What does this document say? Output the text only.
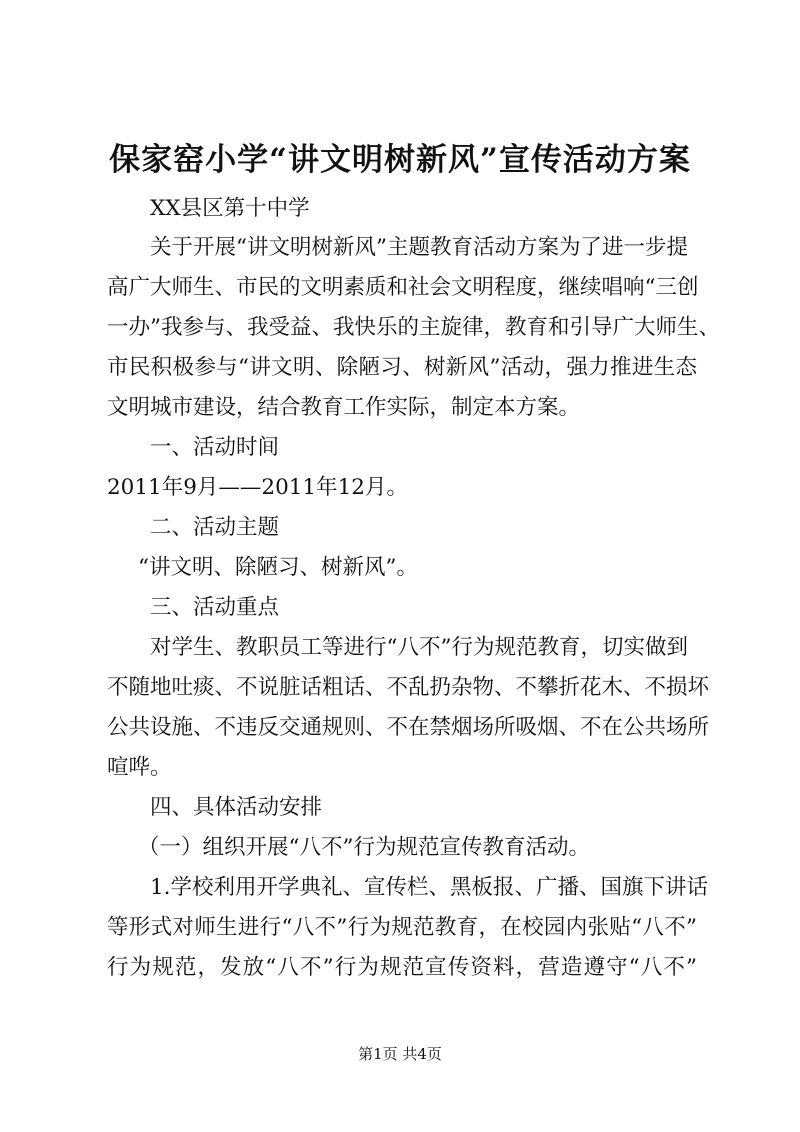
保家窑小学“讲文明树新风”宣传活动方案

XX县区第十中学

关于开展“讲文明树新风”主题教育活动方案为了进一步提

高广大师生、市民的文明素质和社会文明程度，继续唱响“三创

一办”我参与、我受益、我快乐的主旋律，教育和引导广大师生、

市民积极参与“讲文明、除陋习、树新风”活动，强力推进生态

文明城市建设，结合教育工作实际，制定本方案。

一、活动时间

2011年9月——2011年12月。

二、活动主题

“讲文明、除陋习、树新风”。

三、活动重点

对学生、教职员工等进行“八不”行为规范教育，切实做到

不随地吐痰、不说脏话粗话、不乱扔杂物、不攀折花木、不损坏

公共设施、不违反交通规则、不在禁烟场所吸烟、不在公共场所

喧哗。

四、具体活动安排

（一）组织开展“八不”行为规范宣传教育活动。

1.学校利用开学典礼、宣传栏、黑板报、广播、国旗下讲话

等形式对师生进行“八不”行为规范教育，在校园内张贴“八不”

行为规范，发放“八不”行为规范宣传资料，营造遵守“八不”

第1页 共4页
